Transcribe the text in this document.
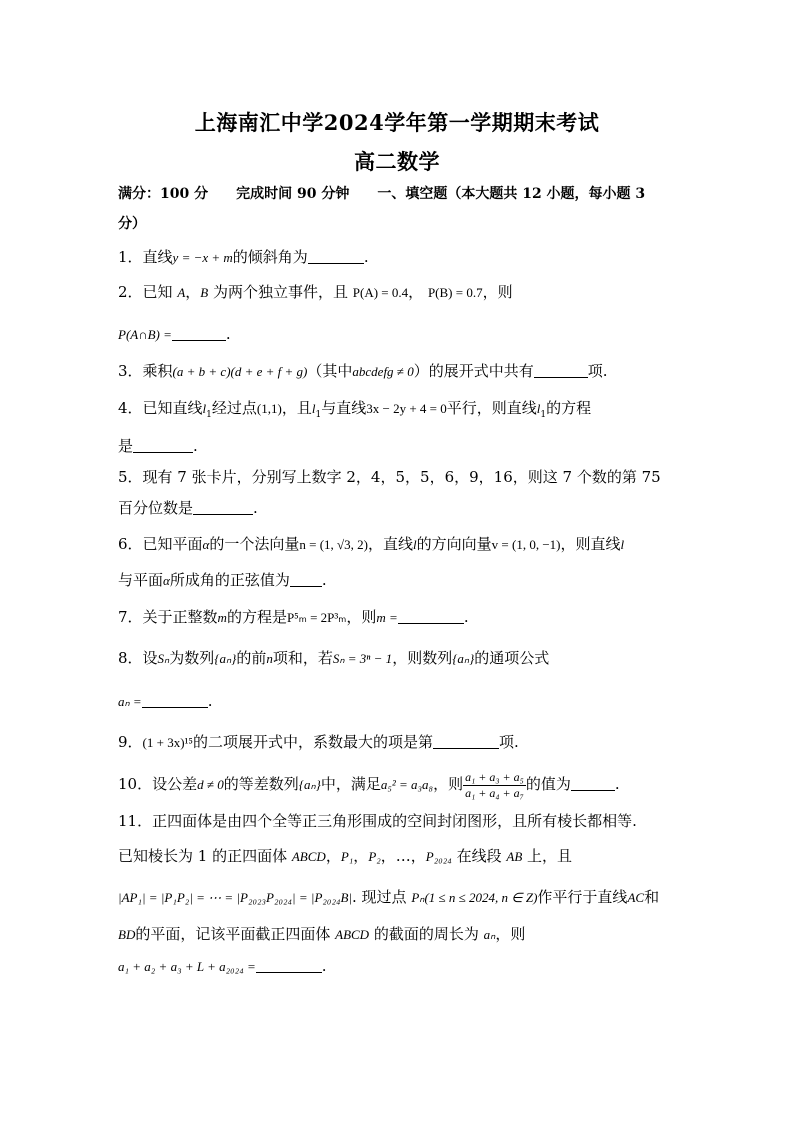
上海南汇中学2024学年第一学期期末考试
高二数学
满分：100 分　　完成时间 90 分钟　　一、填空题（本大题共 12 小题，每小题 3
分）
1．直线y = −x + m的倾斜角为	.
2．已知 A，B 为两个独立事件，且 P(A) = 0.4， P(B) = 0.7，则
P(A∩B) =	.
3．乘积(a + b + c)(d + e + f + g)（其中abcdefg ≠ 0）的展开式中共有	项.
4．已知直线$l_1$经过点(1,1)，且$l_1$与直线3x − 2y + 4 = 0平行，则直线$l_1$的方程
是	.
5．现有 7 张卡片，分别写上数字 2，4，5，5，6，9，16，则这 7 个数的第 75
百分位数是	.
6．已知平面α的一个法向量n = (1, √3, 2)，直线l的方向向量v = (1, 0, −1)，则直线l
与平面α所成角的正弦值为 .
7．关于正整数m的方程是P⁵ₘ = 2P³ₘ，则m =	.
8．设Sₙ为数列{aₙ}的前n项和，若Sₙ = 3ⁿ − 1，则数列{aₙ}的通项公式
aₙ =	.
9．(1 + 3x)¹⁵的二项展开式中，系数最大的项是第	项.
10．设公差d ≠ 0的等差数列{aₙ}中，满足a₅² = a₃a₈，则 $\frac{\text{a₁ + a₃ + a₅}}{\text{a₁ + a₄ + a₇}}$ 的值为	.
11．正四面体是由四个全等正三角形围成的空间封闭图形，且所有棱长都相等.
已知棱长为 1 的正四面体 ABCD，P₁，P₂，…，P₂₀₂₄ 在线段 AB 上，且
|AP₁| = |P₁P₂| = ⋯ = |P₂₀₂₃P₂₀₂₄| = |P₂₀₂₄B|. 现过点 Pₙ(1 ≤ n ≤ 2024, n ∈ Z)作平行于直线AC和
BD的平面，记该平面截正四面体 ABCD 的截面的周长为 aₙ，则
a₁ + a₂ + a₃ + L + a₂₀₂₄ =	.
